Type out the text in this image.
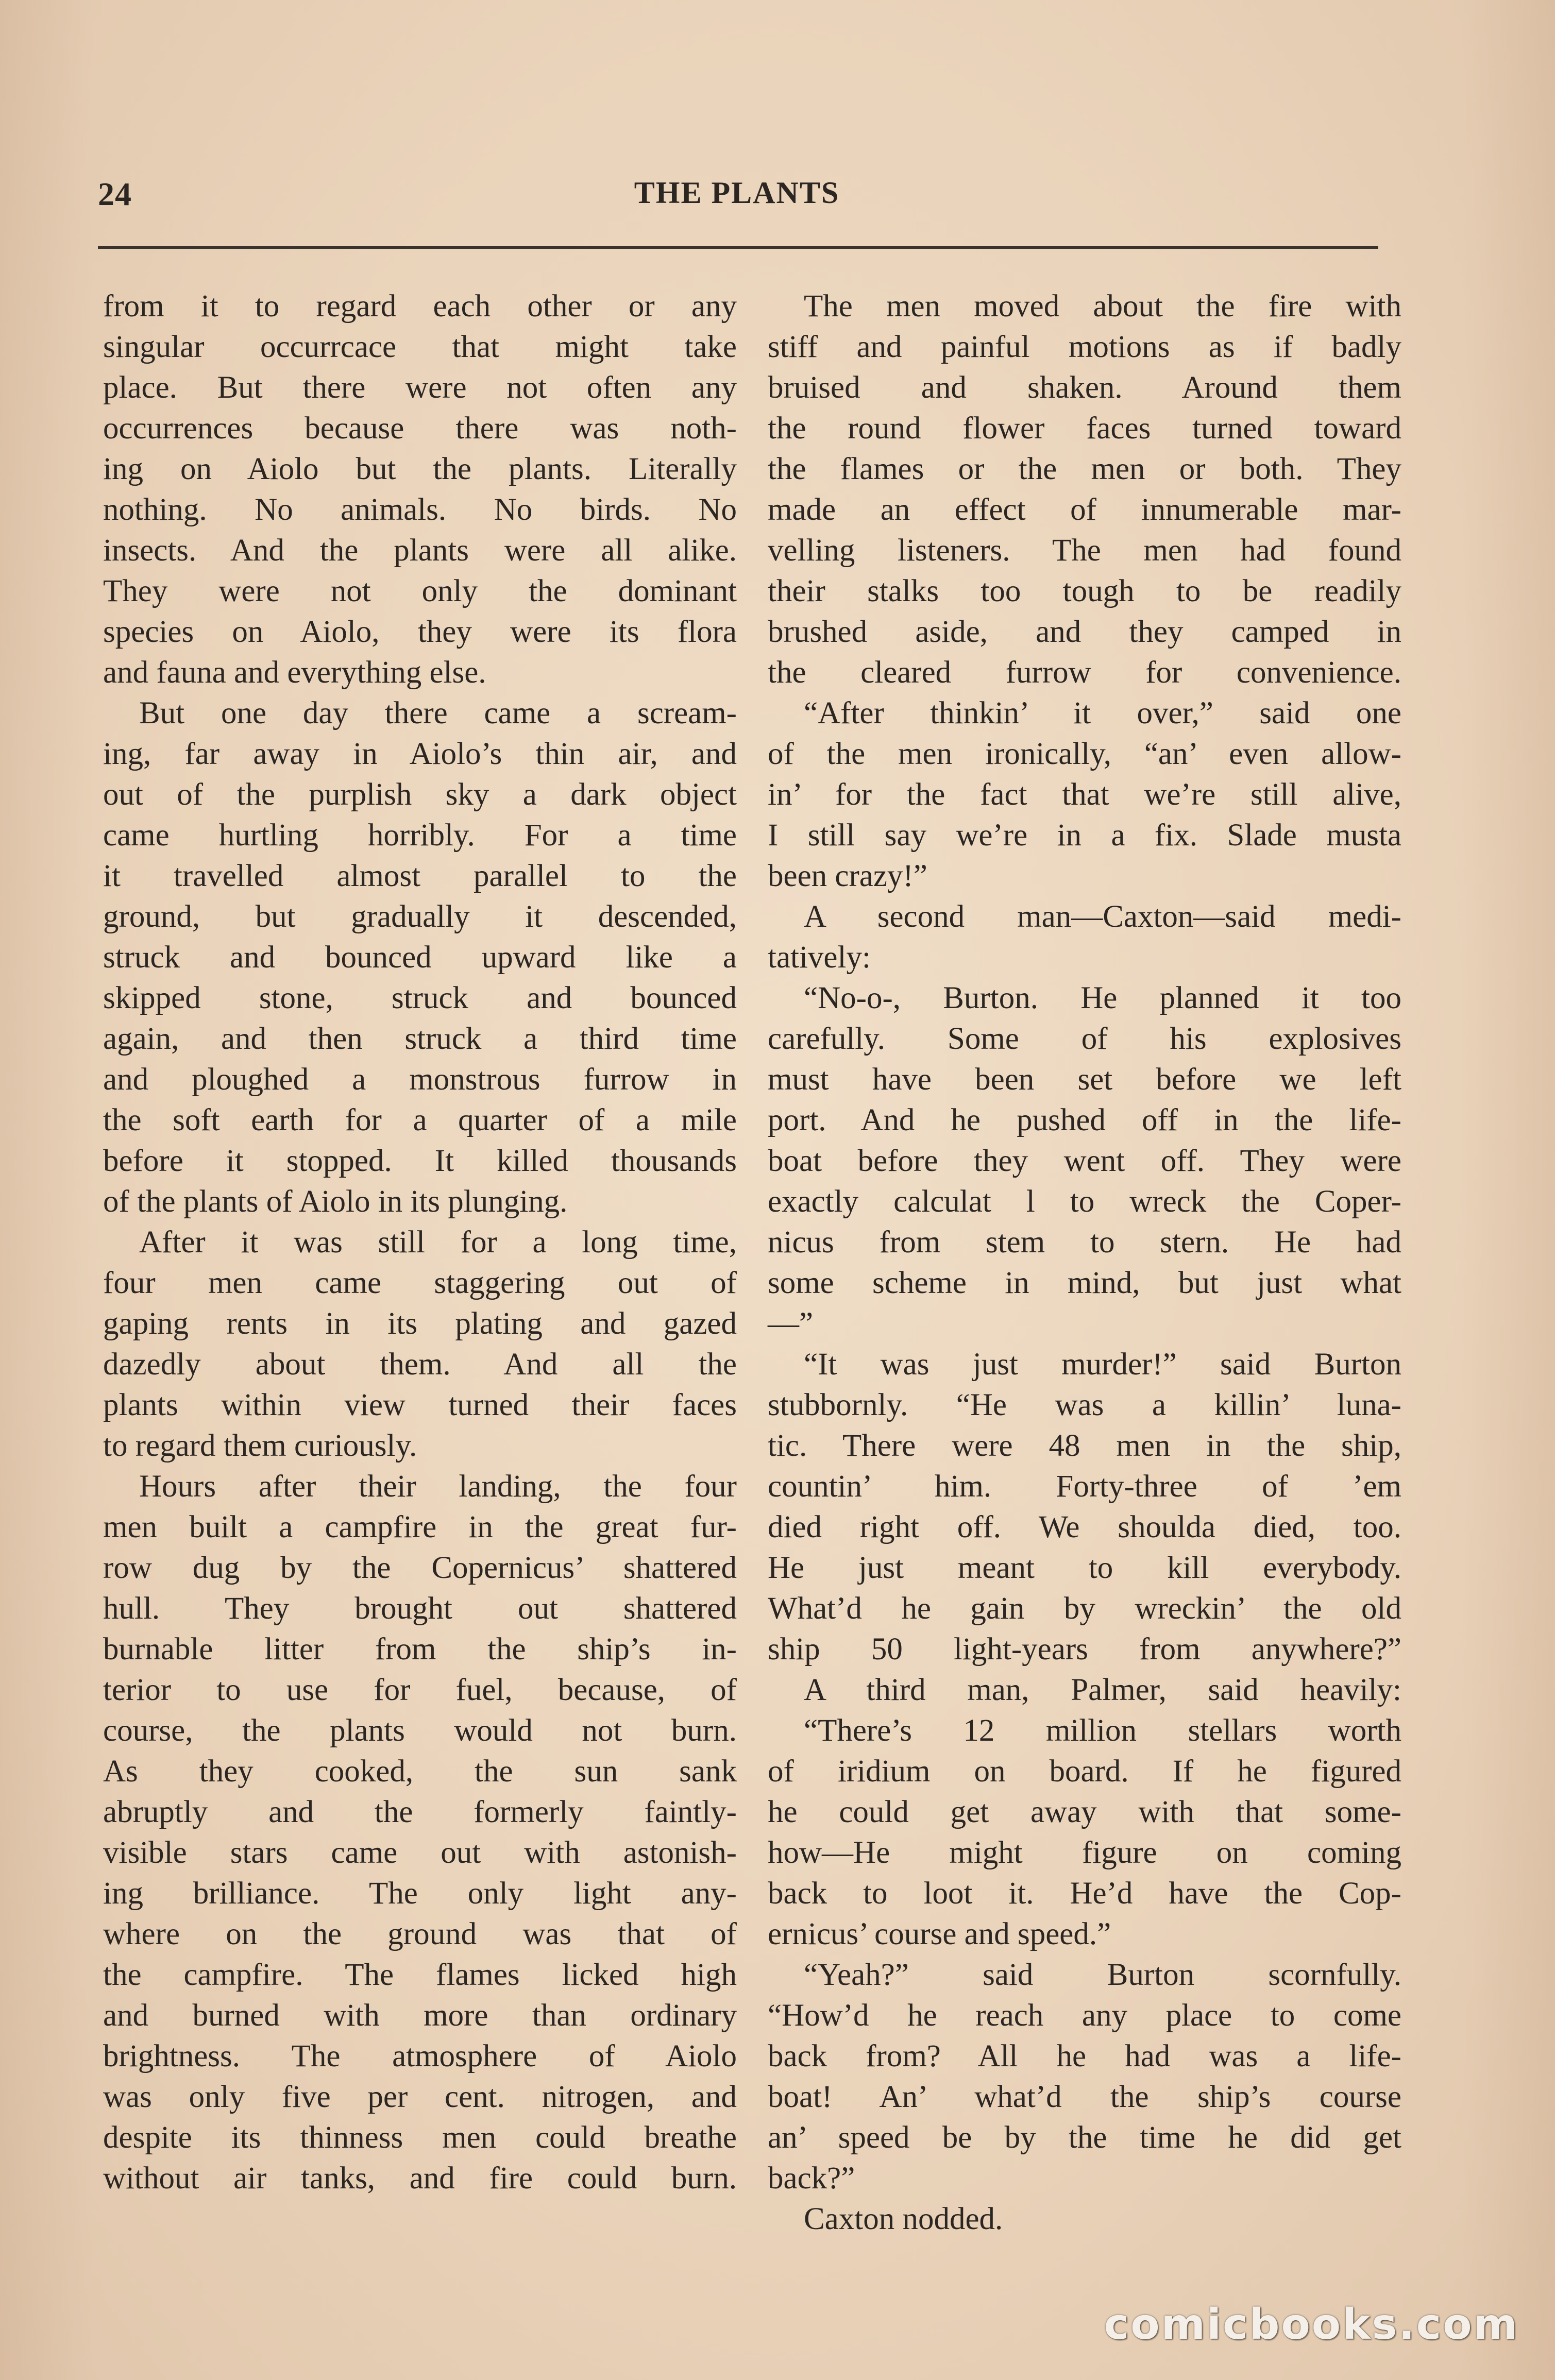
24	THE PLANTS
from it to regard each other or any
singular occurrcace that might take
place. But there were not often any
occurrences because there was noth-
ing on Aiolo but the plants. Literally
nothing. No animals. No birds. No
insects. And the plants were all alike.
They were not only the dominant
species on Aiolo, they were its flora
and fauna and everything else.
But one day there came a scream-
ing, far away in Aiolo’s thin air, and
out of the purplish sky a dark object
came hurtling horribly. For a time
it travelled almost parallel to the
ground, but gradually it descended,
struck and bounced upward like a
skipped stone, struck and bounced
again, and then struck a third time
and ploughed a monstrous furrow in
the soft earth for a quarter of a mile
before it stopped. It killed thousands
of the plants of Aiolo in its plunging.
After it was still for a long time,
four men came staggering out of
gaping rents in its plating and gazed
dazedly about them. And all the
plants within view turned their faces
to regard them curiously.
Hours after their landing, the four
men built a campfire in the great fur-
row dug by the Copernicus’ shattered
hull. They brought out shattered
burnable litter from the ship’s in-
terior to use for fuel, because, of
course, the plants would not burn.
As they cooked, the sun sank
abruptly and the formerly faintly-
visible stars came out with astonish-
ing brilliance. The only light any-
where on the ground was that of
the campfire. The flames licked high
and burned with more than ordinary
brightness. The atmosphere of Aiolo
was only five per cent. nitrogen, and
despite its thinness men could breathe
without air tanks, and fire could burn.
The men moved about the fire with
stiff and painful motions as if badly
bruised and shaken. Around them
the round flower faces turned toward
the flames or the men or both. They
made an effect of innumerable mar-
velling listeners. The men had found
their stalks too tough to be readily
brushed aside, and they camped in
the cleared furrow for convenience.
“After thinkin’ it over,” said one
of the men ironically, “an’ even allow-
in’ for the fact that we’re still alive,
I still say we’re in a fix. Slade musta
been crazy!”
A second man—Caxton—said medi-
tatively:
“No-o-, Burton. He planned it too
carefully. Some of his explosives
must have been set before we left
port. And he pushed off in the life-
boat before they went off. They were
exactly calculat l to wreck the Coper-
nicus from stem to stern. He had
some scheme in mind, but just what
—”
“It was just murder!” said Burton
stubbornly. “He was a killin’ luna-
tic. There were 48 men in the ship,
countin’ him. Forty-three of ’em
died right off. We shoulda died, too.
He just meant to kill everybody.
What’d he gain by wreckin’ the old
ship 50 light-years from anywhere?”
A third man, Palmer, said heavily:
“There’s 12 million stellars worth
of iridium on board. If he figured
he could get away with that some-
how—He might figure on coming
back to loot it. He’d have the Cop-
ernicus’ course and speed.”
“Yeah?” said Burton scornfully.
“How’d he reach any place to come
back from? All he had was a life-
boat! An’ what’d the ship’s course
an’ speed be by the time he did get
back?”
Caxton nodded.
comicbooks.com
